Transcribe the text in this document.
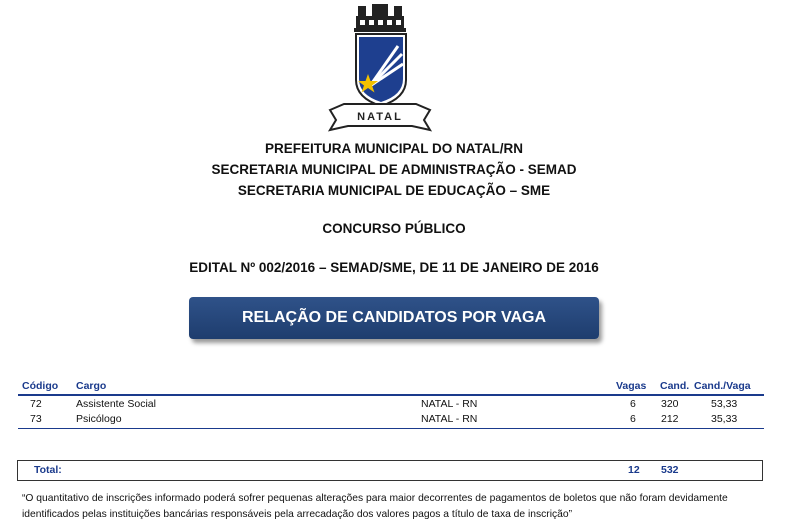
NATAL
PREFEITURA MUNICIPAL DO NATAL/RN
SECRETARIA MUNICIPAL DE ADMINISTRAÇÃO - SEMAD
SECRETARIA MUNICIPAL DE EDUCAÇÃO – SME
CONCURSO PÚBLICO
EDITAL Nº 002/2016 – SEMAD/SME, DE 11 DE JANEIRO DE 2016
RELAÇÃO DE CANDIDATOS POR VAGA
Código Cargo	Vagas Cand. Cand./Vaga
72	Assistente Social	NATAL - RN	6 320	53,33
73	Psicólogo	NATAL - RN	6 212	35,33
Total:	12 532
“O quantitativo de inscrições informado poderá sofrer pequenas alterações para maior decorrentes de pagamentos de boletos que não foram devidamente identificados pelas instituições bancárias responsáveis pela arrecadação dos valores pagos a título de taxa de inscrição”
